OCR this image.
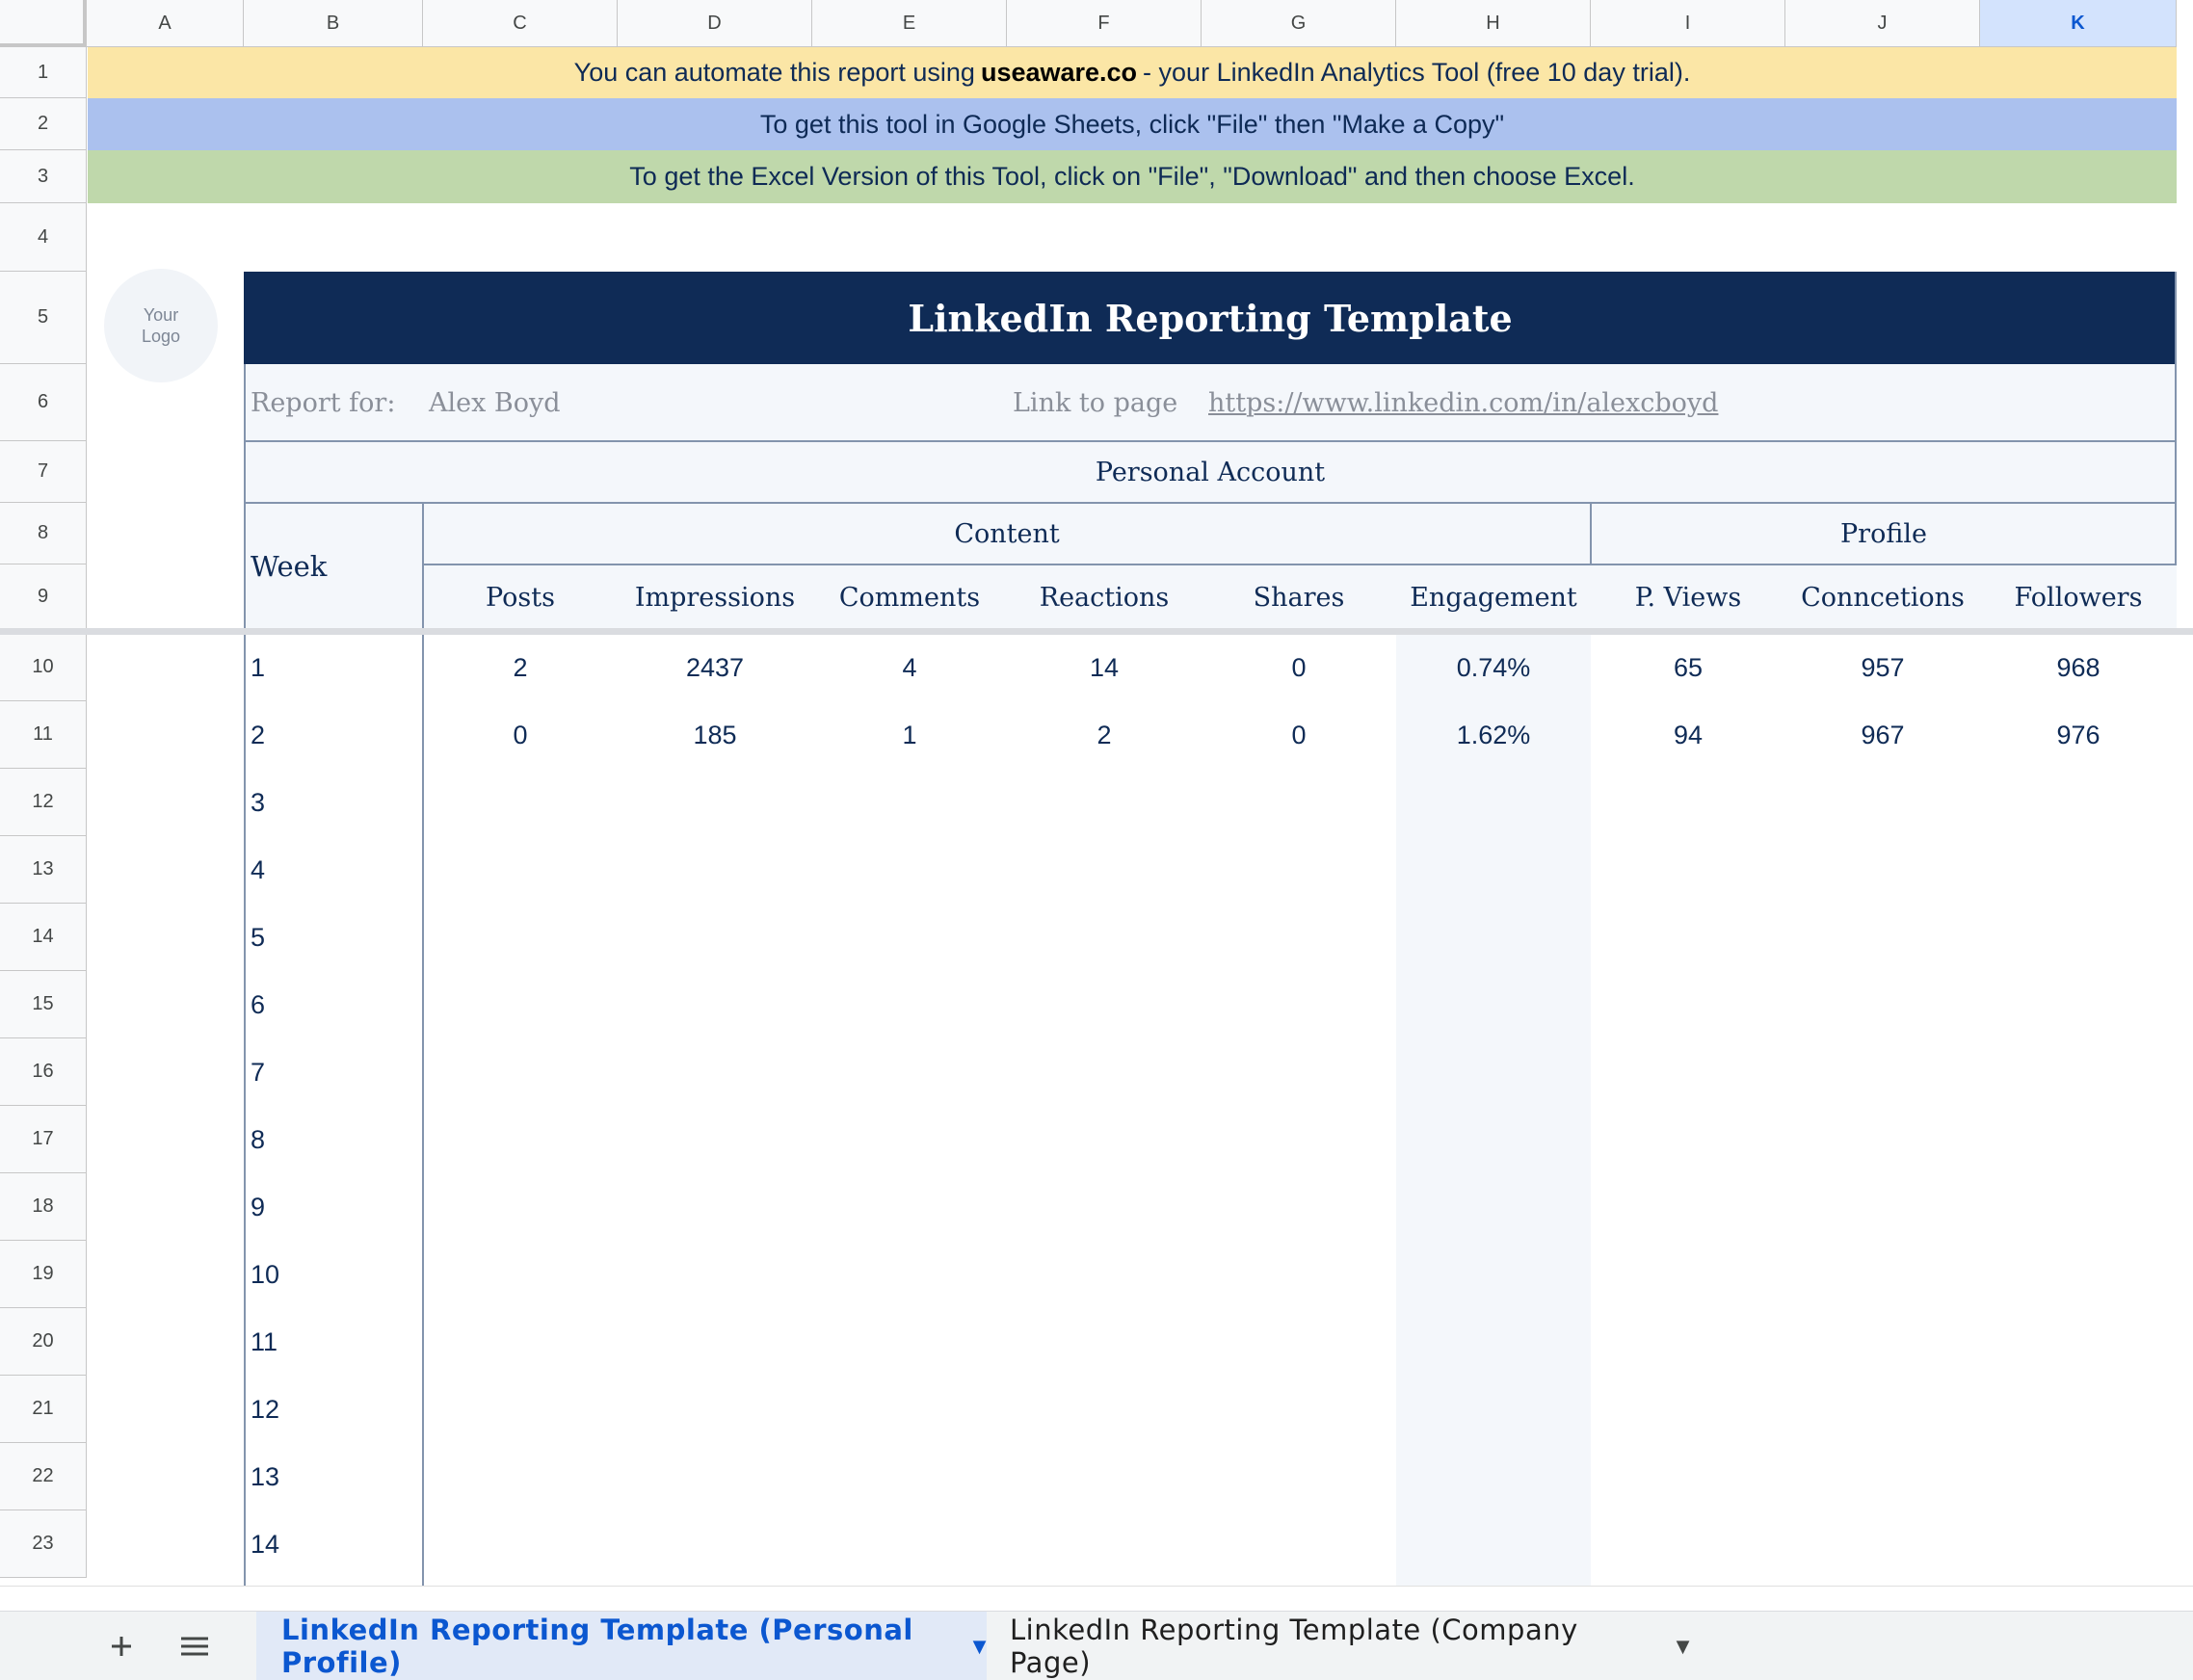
A	B	C	D	E	F	G	H	I	J	K
1
2
3
4
5
6
7
8
9
10
11
12
13
14
15
16
17
18
19
20
21
22
23
You can automate this report using useaware.co - your LinkedIn Analytics Tool (free 10 day trial).
To get this tool in Google Sheets, click "File" then "Make a Copy"
To get the Excel Version of this Tool, click on "File", "Download" and then choose Excel.
Your Logo	LinkedIn Reporting Template
Report for: Alex Boyd	Link to page https://www.linkedin.com/in/alexcboyd
Personal Account
Week
Content	Profile
Posts	Impressions	Comments	Reactions	Shares	Engagement	P. Views	Conncetions	Followers
1	2	2437	4	14	0	0.74%	65	957	968
2	0	185	1	2	0	1.62%	94	967	976
3
4
5
6
7
8
9
10
11
12
13
14
LinkedIn Reporting Template (Personal Profile)	▼ LinkedIn Reporting Template (Company Page)	▼
